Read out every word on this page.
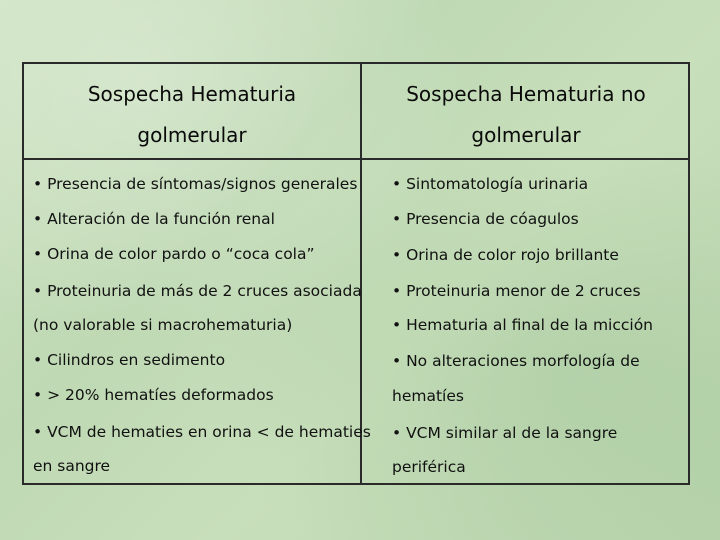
Sospecha Hematuria
golmerular
Sospecha Hematuria no
golmerular
• Presencia de síntomas/signos generales
• Alteración de la función renal
• Orina de color pardo o “coca cola”
• Proteinuria de más de 2 cruces asociada
(no valorable si macrohematuria)
• Cilindros en sedimento
• > 20% hematíes deformados
• VCM de hematies en orina < de hematies
en sangre
• Sintomatología urinaria
• Presencia de cóagulos
• Orina de color rojo brillante
• Proteinuria menor de 2 cruces
• Hematuria al final de la micción
• No alteraciones morfología de
hematíes
• VCM similar al de la sangre
periférica
